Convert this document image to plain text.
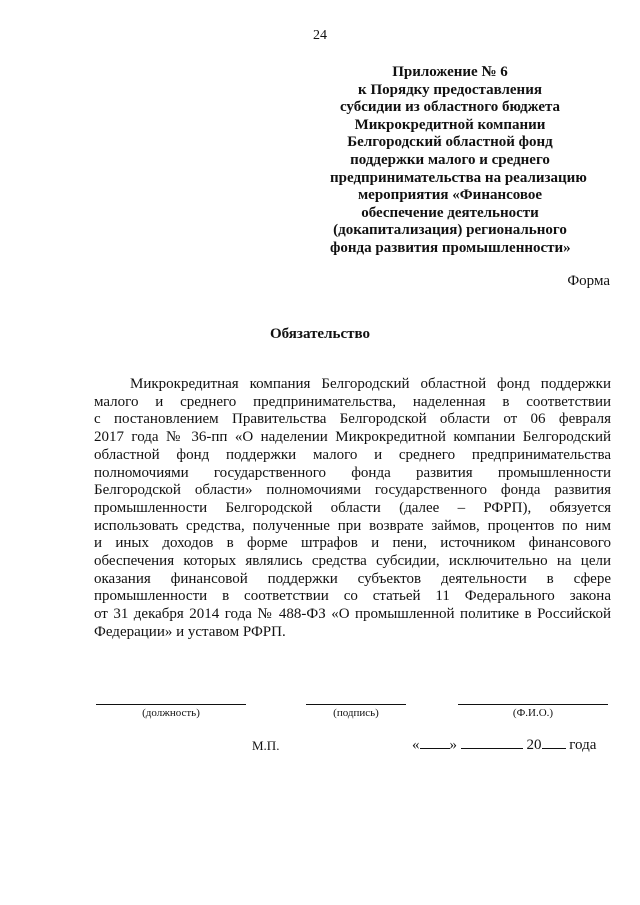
24
Приложение № 6
к Порядку предоставления
субсидии из областного бюджета
Микрокредитной компании
Белгородский областной фонд
поддержки малого и среднего
предпринимательства на реализацию
мероприятия «Финансовое
обеспечение деятельности
(докапитализация) регионального
фонда развития промышленности»
Форма
Обязательство
Микрокредитная компания Белгородский областной фонд поддержки
малого и среднего предпринимательства, наделенная в соответствии
с постановлением Правительства Белгородской области от 06 февраля
2017 года № 36-пп «О наделении Микрокредитной компании Белгородский
областной фонд поддержки малого и среднего предпринимательства
полномочиями государственного фонда развития промышленности
Белгородской области» полномочиями государственного фонда развития
промышленности Белгородской области (далее – РФРП), обязуется
использовать средства, полученные при возврате займов, процентов по ним
и иных доходов в форме штрафов и пени, источником финансового
обеспечения которых являлись средства субсидии, исключительно на цели
оказания финансовой поддержки субъектов деятельности в сфере
промышленности в соответствии со статьей 11 Федерального закона
от 31 декабря 2014 года № 488-ФЗ «О промышленной политике в Российской
Федерации» и уставом РФРП.
(должность)	(подпись)	(Ф.И.О.)
М.П.	« »	20 года
